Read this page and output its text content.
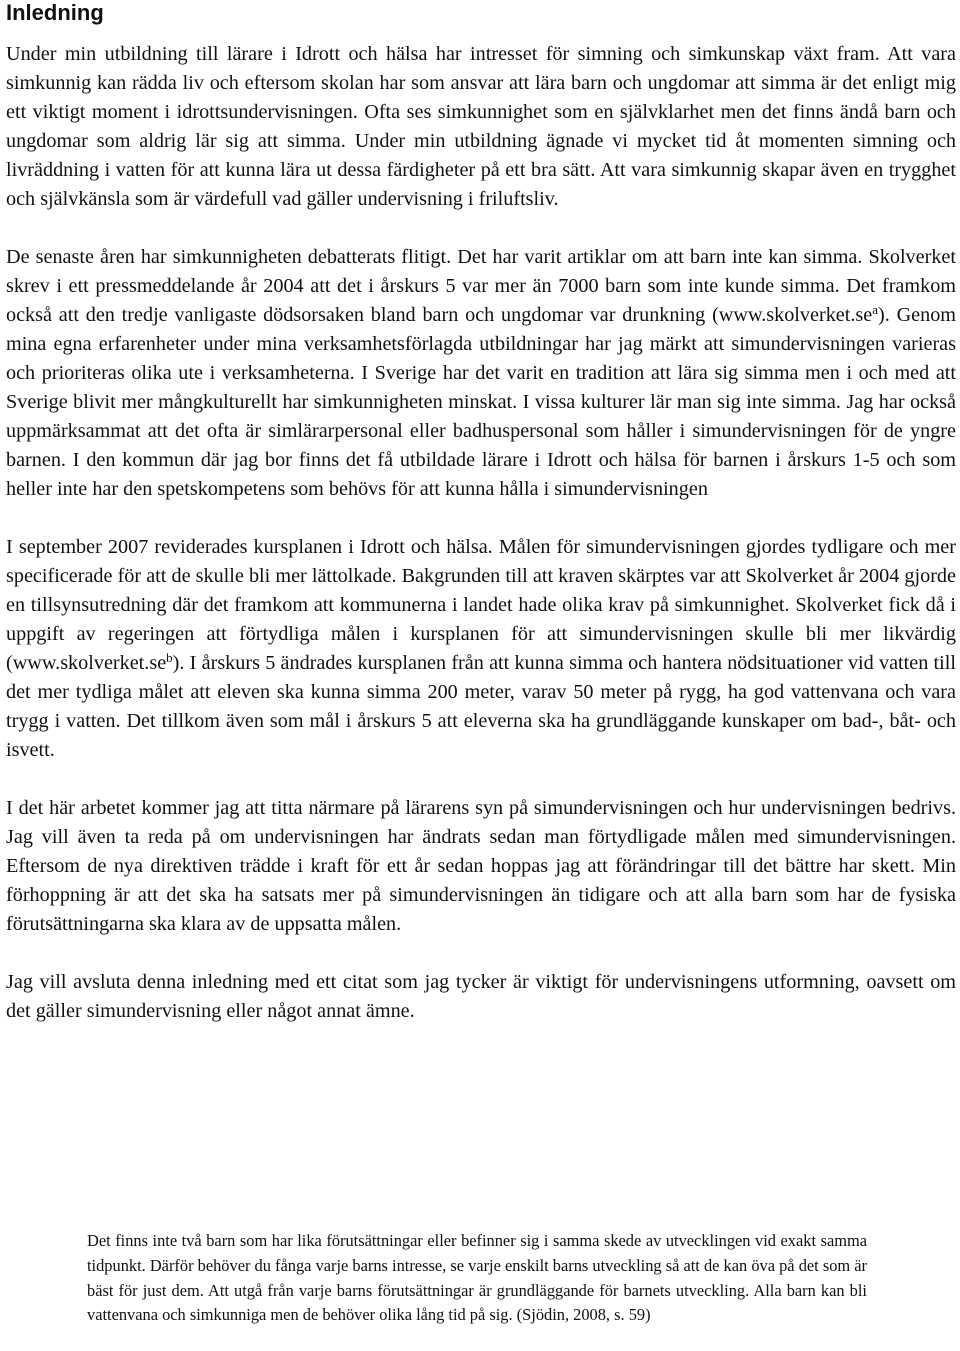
Inledning

Under min utbildning till lärare i Idrott och hälsa har intresset för simning och simkunskap växt fram. Att vara simkunnig kan rädda liv och eftersom skolan har som ansvar att lära barn och ungdomar att simma är det enligt mig ett viktigt moment i idrottsundervisningen. Ofta ses simkunnighet som en självklarhet men det finns ändå barn och ungdomar som aldrig lär sig att simma. Under min utbildning ägnade vi mycket tid åt momenten simning och livräddning i vatten för att kunna lära ut dessa färdigheter på ett bra sätt. Att vara simkunnig skapar även en trygghet och självkänsla som är värdefull vad gäller undervisning i friluftsliv.

De senaste åren har simkunnigheten debatterats flitigt. Det har varit artiklar om att barn inte kan simma. Skolverket skrev i ett pressmeddelande år 2004 att det i årskurs 5 var mer än 7000 barn som inte kunde simma. Det framkom också att den tredje vanligaste dödsorsaken bland barn och ungdomar var drunkning $(www.skolverket.se^a)$. Genom mina egna erfarenheter under mina verksamhetsförlagda utbildningar har jag märkt att simundervisningen varieras och prioriteras olika ute i verksamheterna. I Sverige har det varit en tradition att lära sig simma men i och med att Sverige blivit mer mångkulturellt har simkunnigheten minskat. I vissa kulturer lär man sig inte simma. Jag har också uppmärksammat att det ofta är simlärarpersonal eller badhuspersonal som håller i simundervisningen för de yngre barnen. I den kommun där jag bor finns det få utbildade lärare i Idrott och hälsa för barnen i årskurs 1-5 och som heller inte har den spetskompetens som behövs för att kunna hålla i simundervisningen

I september 2007 reviderades kursplanen i Idrott och hälsa. Målen för simundervisningen gjordes tydligare och mer specificerade för att de skulle bli mer lättolkade. Bakgrunden till att kraven skärptes var att Skolverket år 2004 gjorde en tillsynsutredning där det framkom att kommunerna i landet hade olika krav på simkunnighet. Skolverket fick då i uppgift av regeringen att förtydliga målen i kursplanen för att simundervisningen skulle bli mer likvärdig $(www.skolverket.se^b)$. I årskurs 5 ändrades kursplanen från att kunna simma och hantera nödsituationer vid vatten till det mer tydliga målet att eleven ska kunna simma 200 meter, varav 50 meter på rygg, ha god vattenvana och vara trygg i vatten. Det tillkom även som mål i årskurs 5 att eleverna ska ha grundläggande kunskaper om bad-, båt- och isvett.

I det här arbetet kommer jag att titta närmare på lärarens syn på simundervisningen och hur undervisningen bedrivs. Jag vill även ta reda på om undervisningen har ändrats sedan man förtydligade målen med simundervisningen. Eftersom de nya direktiven trädde i kraft för ett år sedan hoppas jag att förändringar till det bättre har skett. Min förhoppning är att det ska ha satsats mer på simundervisningen än tidigare och att alla barn som har de fysiska förutsättningarna ska klara av de uppsatta målen.

Jag vill avsluta denna inledning med ett citat som jag tycker är viktigt för undervisningens utformning, oavsett om det gäller simundervisning eller något annat ämne.

Det finns inte två barn som har lika förutsättningar eller befinner sig i samma skede av utvecklingen vid exakt samma tidpunkt. Därför behöver du fånga varje barns intresse, se varje enskilt barns utveckling så att de kan öva på det som är bäst för just dem. Att utgå från varje barns förutsättningar är grundläggande för barnets utveckling. Alla barn kan bli vattenvana och simkunniga men de behöver olika lång tid på sig. (Sjödin, 2008, s. 59)
